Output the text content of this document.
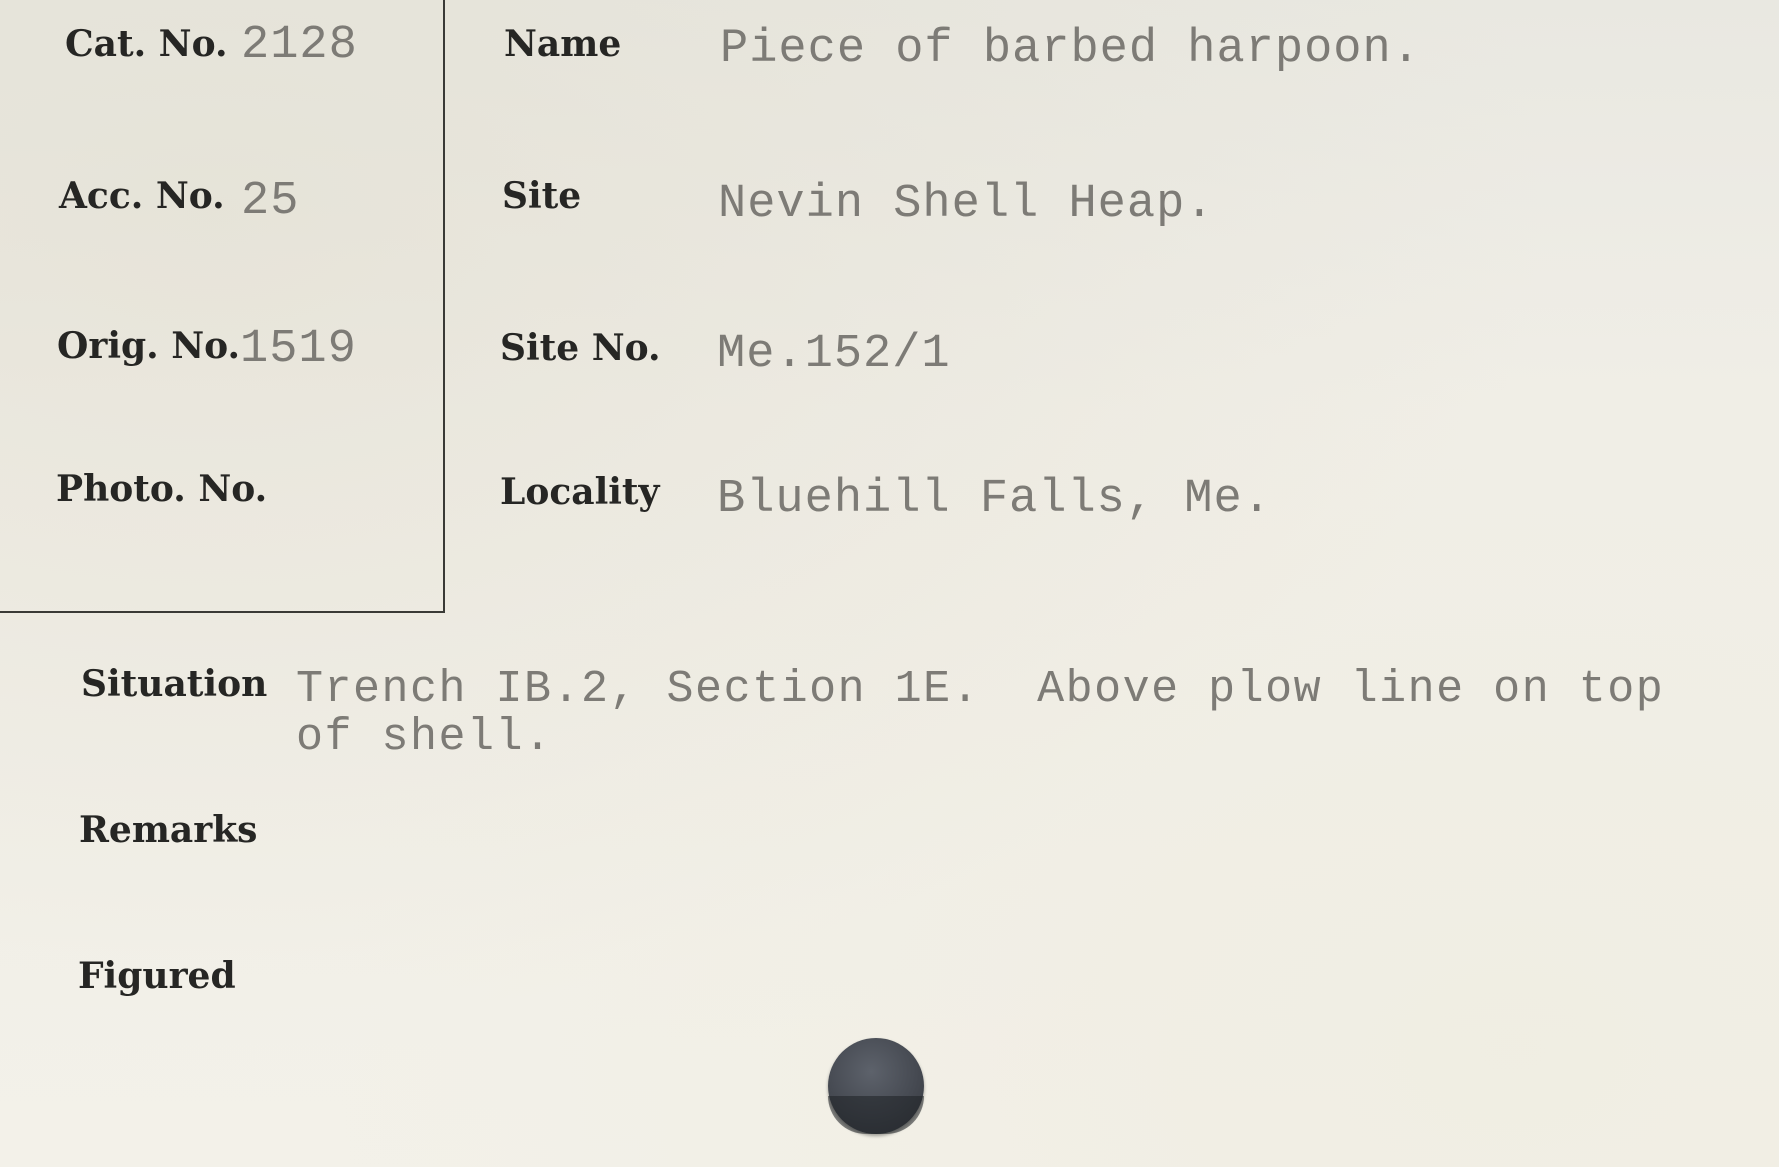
Cat. No. 2128
Acc. No. 25
Orig. No. 1519
Photo. No.
Name Piece of barbed harpoon.
Site	Nevin Shell Heap.
Site No. Me.152/1
Locality Bluehill Falls, Me.
Situation Trench IB.2, Section 1E.  Above plow line on top
of shell.
Remarks
Figured
